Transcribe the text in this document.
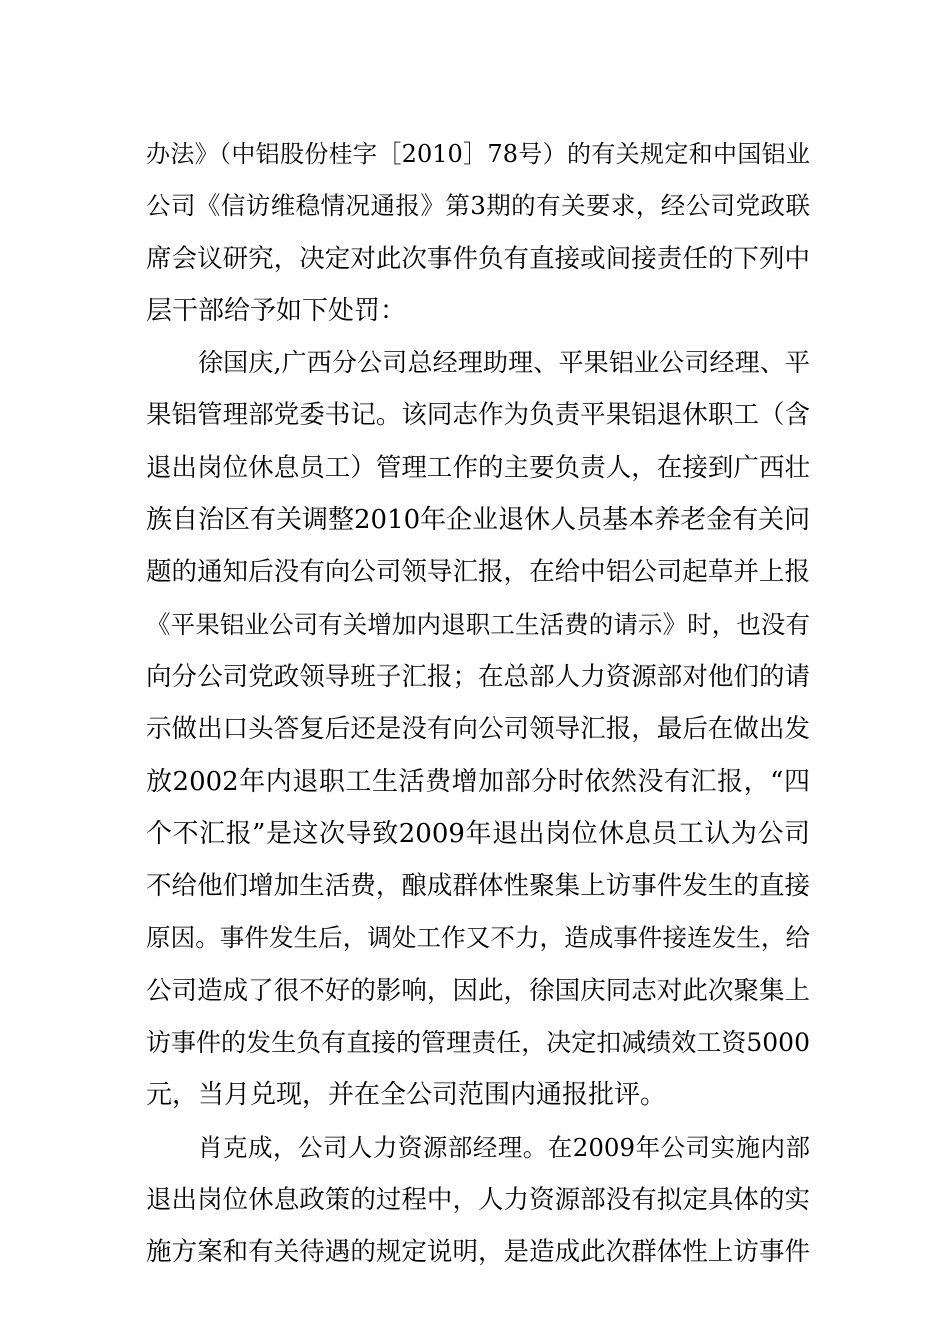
办法》（中铝股份桂字［2010］78号）的有关规定和中国铝业
公司《信访维稳情况通报》第3期的有关要求，经公司党政联
席会议研究，决定对此次事件负有直接或间接责任的下列中
层干部给予如下处罚：
徐国庆,广西分公司总经理助理、平果铝业公司经理、平
果铝管理部党委书记。该同志作为负责平果铝退休职工（含
退出岗位休息员工）管理工作的主要负责人，在接到广西壮
族自治区有关调整2010年企业退休人员基本养老金有关问
题的通知后没有向公司领导汇报，在给中铝公司起草并上报
《平果铝业公司有关增加内退职工生活费的请示》时，也没有
向分公司党政领导班子汇报；在总部人力资源部对他们的请
示做出口头答复后还是没有向公司领导汇报，最后在做出发
放2002年内退职工生活费增加部分时依然没有汇报，“四
个不汇报”是这次导致2009年退出岗位休息员工认为公司
不给他们增加生活费，酿成群体性聚集上访事件发生的直接
原因。事件发生后，调处工作又不力，造成事件接连发生，给
公司造成了很不好的影响，因此，徐国庆同志对此次聚集上
访事件的发生负有直接的管理责任，决定扣减绩效工资5000
元，当月兑现，并在全公司范围内通报批评。
肖克成，公司人力资源部经理。在2009年公司实施内部
退出岗位休息政策的过程中，人力资源部没有拟定具体的实
施方案和有关待遇的规定说明，是造成此次群体性上访事件
